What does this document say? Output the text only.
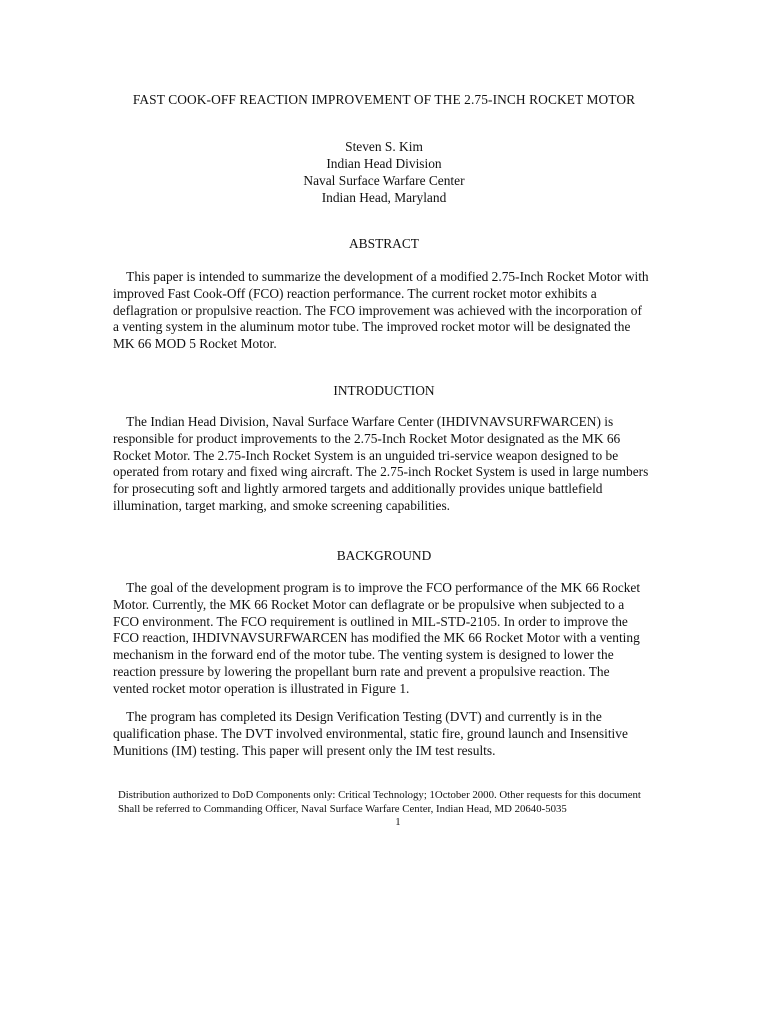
FAST COOK-OFF REACTION IMPROVEMENT OF THE 2.75-INCH ROCKET MOTOR
Steven S. Kim
Indian Head Division
Naval Surface Warfare Center
Indian Head, Maryland
ABSTRACT
This paper is intended to summarize the development of a modified 2.75-Inch Rocket Motor with
improved Fast Cook-Off (FCO) reaction performance. The current rocket motor exhibits a
deflagration or propulsive reaction. The FCO improvement was achieved with the incorporation of
a venting system in the aluminum motor tube. The improved rocket motor will be designated the
MK 66 MOD 5 Rocket Motor.
INTRODUCTION
The Indian Head Division, Naval Surface Warfare Center (IHDIVNAVSURFWARCEN) is
responsible for product improvements to the 2.75-Inch Rocket Motor designated as the MK 66
Rocket Motor. The 2.75-Inch Rocket System is an unguided tri-service weapon designed to be
operated from rotary and fixed wing aircraft. The 2.75-inch Rocket System is used in large numbers
for prosecuting soft and lightly armored targets and additionally provides unique battlefield
illumination, target marking, and smoke screening capabilities.
BACKGROUND
The goal of the development program is to improve the FCO performance of the MK 66 Rocket
Motor. Currently, the MK 66 Rocket Motor can deflagrate or be propulsive when subjected to a
FCO environment. The FCO requirement is outlined in MIL-STD-2105. In order to improve the
FCO reaction, IHDIVNAVSURFWARCEN has modified the MK 66 Rocket Motor with a venting
mechanism in the forward end of the motor tube. The venting system is designed to lower the
reaction pressure by lowering the propellant burn rate and prevent a propulsive reaction. The
vented rocket motor operation is illustrated in Figure 1.
The program has completed its Design Verification Testing (DVT) and currently is in the
qualification phase. The DVT involved environmental, static fire, ground launch and Insensitive
Munitions (IM) testing. This paper will present only the IM test results.
Distribution authorized to DoD Components only: Critical Technology; 1October 2000. Other requests for this document
Shall be referred to Commanding Officer, Naval Surface Warfare Center, Indian Head, MD 20640-5035
1
